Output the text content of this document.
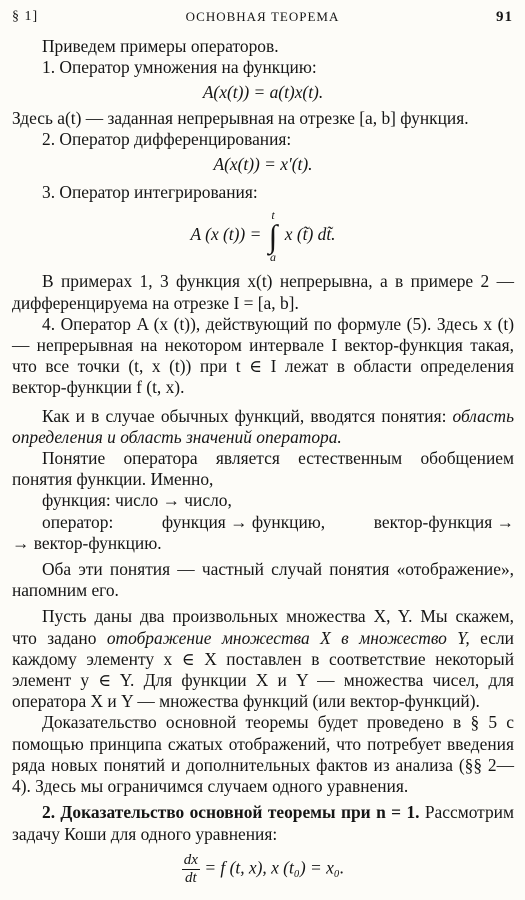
§ 1]	ОСНОВНАЯ ТЕОРЕМА	91

Приведем примеры операторов.

1. Оператор умножения на функцию:

A(x(t)) = a(t)x(t).

Здесь a(t) — заданная непрерывная на отрезке [a, b] функция.

2. Оператор дифференцирования:

A(x(t)) = x′(t).

3. Оператор интегрирования:

A (x (t)) =
t
∫
a
x (t̃) dt̃.

В примерах 1, 3 функция x(t) непрерывна, а в примере 2 — дифференцируема на отрезке I = [a, b].

4. Оператор A (x (t)), действующий по формуле (5). Здесь x (t) — непрерывная на некотором интервале I вектор-функция такая, что все точки (t, x (t)) при t ∈ I лежат в области определения вектор-функции f (t, x).

Как и в случае обычных функций, вводятся понятия: область определения и область значений оператора.

Понятие оператора является естественным обобщением понятия функции. Именно,

функция: число → число,

оператор:	функция → функцию,	вектор-функция →

→ вектор-функцию.

Оба эти понятия — частный случай понятия «отображение», напомним его.

Пусть даны два произвольных множества X, Y. Мы скажем, что задано отображение множества X в множество Y, если каждому элементу x ∈ X поставлен в соответствие некоторый элемент y ∈ Y. Для функции X и Y — множества чисел, для оператора X и Y — множества функций (или вектор-функций).

Доказательство основной теоремы будет проведено в § 5 с помощью принципа сжатых отображений, что потребует введения ряда новых понятий и дополнительных фактов из анализа (§§ 2—4). Здесь мы ограничимся случаем одного уравнения.

2. Доказательство основной теоремы при n = 1. Рассмотрим задачу Коши для одного уравнения:

$\frac{dx}{dt} = f$ (t, x), x (t₀) = x₀.
